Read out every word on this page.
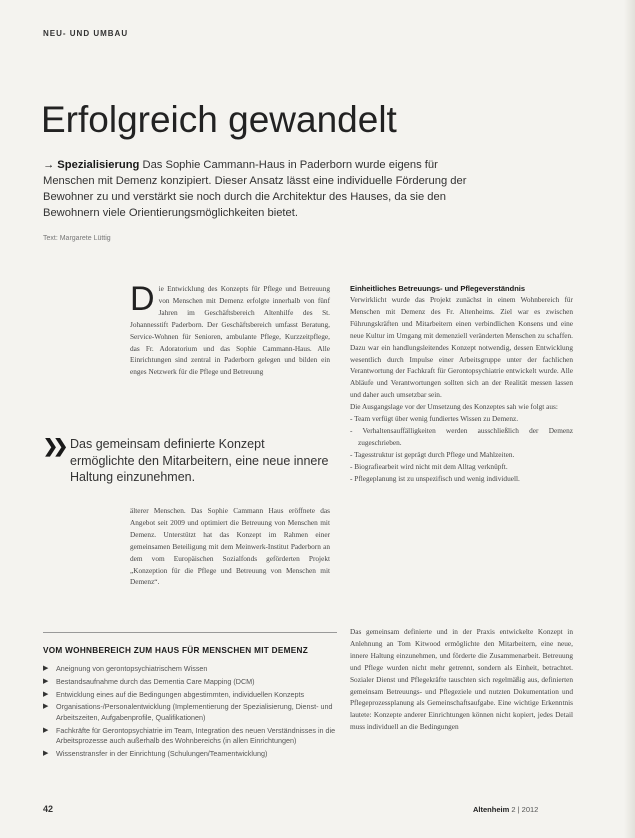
NEU- UND UMBAU
Erfolgreich gewandelt
→ Spezialisierung Das Sophie Cammann-Haus in Paderborn wurde eigens für Menschen mit Demenz konzipiert. Dieser Ansatz lässt eine individuelle Förderung der Bewohner zu und verstärkt sie noch durch die Architektur des Hauses, da sie den Bewohnern viele Orientierungsmöglichkeiten bietet.
Text: Margarete Lüttig
D ie Entwicklung des Konzepts für Pflege und Betreuung von Menschen mit Demenz erfolgte innerhalb von fünf Jahren im Geschäftsbereich Altenhilfe des St. Johannesstift Paderborn. Der Geschäftsbereich umfasst Beratung, Service-Wohnen für Senioren, ambulante Pflege, Kurzzeitpflege, das Fr. Adoratorium und das Sophie Cammann-Haus. Alle Einrichtungen sind zentral in Paderborn gelegen und bilden ein enges Netzwerk für die Pflege und Betreuung
❯❯ Das gemeinsam definierte Konzept ermöglichte den Mitarbeitern, eine neue innere Haltung einzunehmen.
älterer Menschen. Das Sophie Cammann Haus eröffnete das Angebot seit 2009 und optimiert die Betreuung von Menschen mit Demenz. Unterstützt hat das Konzept im Rahmen einer gemeinsamen Beteiligung mit dem Meinwerk-Institut Paderborn an dem vom Europäischen Sozialfonds geförderten Projekt „Konzeption für die Pflege und Betreuung von Menschen mit Demenz“.
VOM WOHNBEREICH ZUM HAUS FÜR MENSCHEN MIT DEMENZ
▶ Aneignung von gerontopsychiatrischem Wissen
▶ Bestandsaufnahme durch das Dementia Care Mapping (DCM)
▶ Entwicklung eines auf die Bedingungen abgestimmten, individuellen Konzepts
▶ Organisations-/Personalentwicklung (Implementierung der Spezialisierung, Dienst- und Arbeitszeiten, Aufgabenprofile, Qualifikationen)
▶ Fachkräfte für Gerontopsychiatrie im Team, Integration des neuen Verständnisses in die Arbeitsprozesse auch außerhalb des Wohnbereichs (in allen Einrichtungen)
▶ Wissenstransfer in der Einrichtung (Schulungen/Teamentwicklung)
Einheitliches Betreuungs- und Pflegeverständnis

Verwirklicht wurde das Projekt zunächst in einem Wohnbereich für Menschen mit Demenz des Fr. Altenheims. Ziel war es zwischen Führungskräften und Mitarbeitern einen verbindlichen Konsens und eine neue Kultur im Umgang mit demenziell veränderten Menschen zu schaffen. Dazu war ein handlungsleitendes Konzept notwendig, dessen Entwicklung wesentlich durch Impulse einer Arbeitsgruppe unter der fachlichen Verantwortung der Fachkraft für Gerontopsychiatrie entwickelt wurde. Alle Abläufe und Verantwortungen sollten sich an der Realität messen lassen und daher auch umsetzbar sein.

Die Ausgangslage vor der Umsetzung des Konzeptes sah wie folgt aus:

- Team verfügt über wenig fundiertes Wissen zu Demenz.
- Verhaltensauffälligkeiten werden ausschließlich der Demenz zugeschrieben.
- Tagesstruktur ist geprägt durch Pflege und Mahlzeiten.
- Biografiearbeit wird nicht mit dem Alltag verknüpft.
- Pflegeplanung ist zu unspezifisch und wenig individuell.
Das gemeinsam definierte und in der Praxis entwickelte Konzept in Anlehnung an Tom Kitwood ermöglichte den Mitarbeitern, eine neue, innere Haltung einzunehmen, und förderte die Zusammenarbeit. Betreuung und Pflege wurden nicht mehr getrennt, sondern als Einheit, betrachtet. Sozialer Dienst und Pflegekräfte tauschten sich regelmäßig aus, definierten gemeinsam Betreuungs- und Pflegeziele und nutzten Dokumentation und Pflegeprozessplanung als Gemeinschaftsaufgabe. Eine wichtige Erkenntnis lautete: Konzepte anderer Einrichtungen können nicht kopiert, jedes Detail muss individuell an die Bedingungen
42	Altenheim 2 | 2012
